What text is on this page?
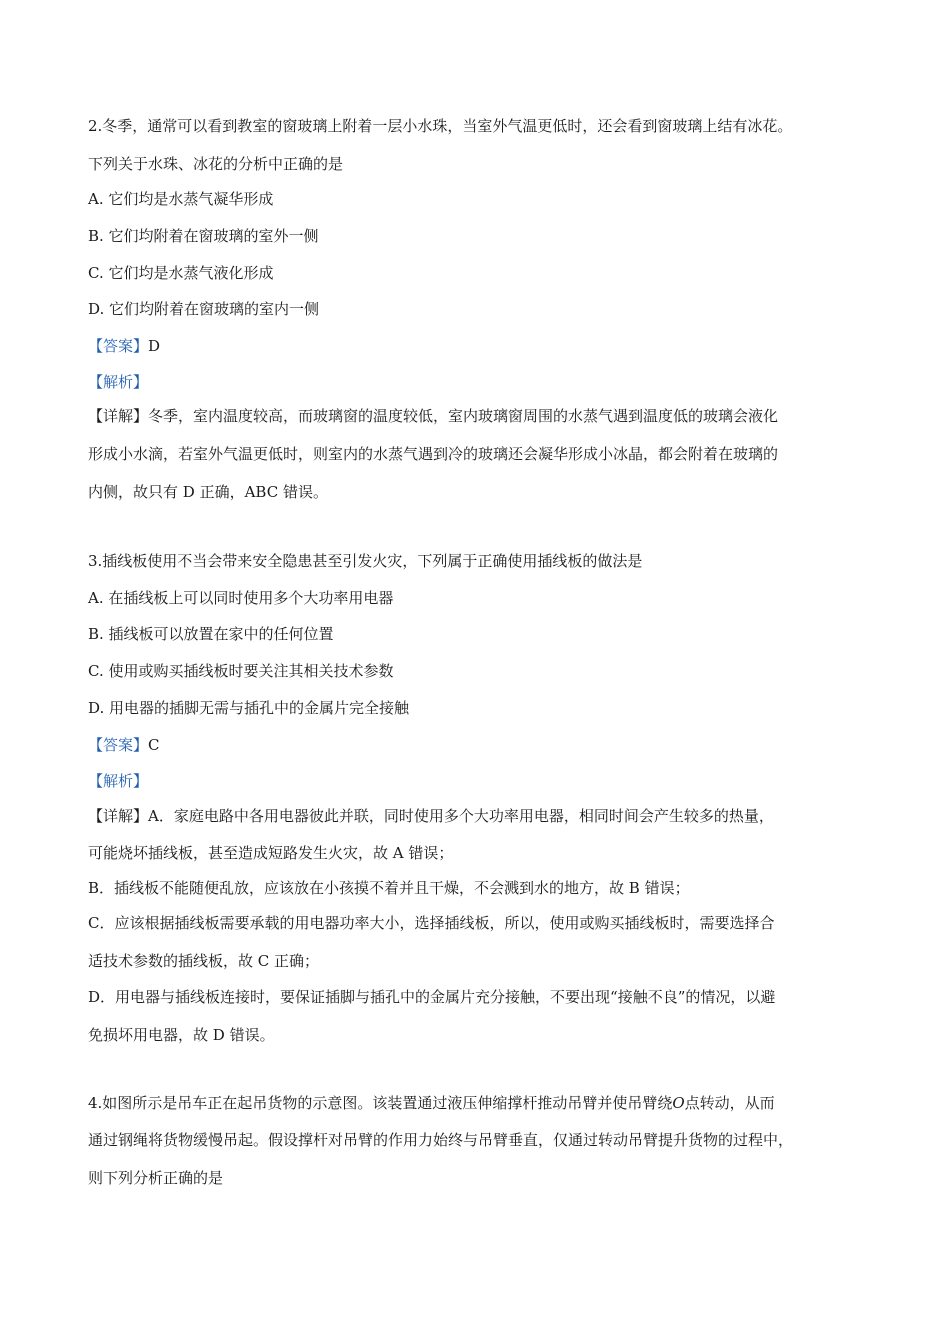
2.冬季，通常可以看到教室的窗玻璃上附着一层小水珠，当室外气温更低时，还会看到窗玻璃上结有冰花。
下列关于水珠、冰花的分析中正确的是
A. 它们均是水蒸气凝华形成
B. 它们均附着在窗玻璃的室外一侧
C. 它们均是水蒸气液化形成
D. 它们均附着在窗玻璃的室内一侧
【答案】D
【解析】
【详解】冬季，室内温度较高，而玻璃窗的温度较低，室内玻璃窗周围的水蒸气遇到温度低的玻璃会液化
形成小水滴，若室外气温更低时，则室内的水蒸气遇到冷的玻璃还会凝华形成小冰晶，都会附着在玻璃的
内侧，故只有 D 正确，ABC 错误。
3.插线板使用不当会带来安全隐患甚至引发火灾，下列属于正确使用插线板的做法是
A. 在插线板上可以同时使用多个大功率用电器
B. 插线板可以放置在家中的任何位置
C. 使用或购买插线板时要关注其相关技术参数
D. 用电器的插脚无需与插孔中的金属片完全接触
【答案】C
【解析】
【详解】A．家庭电路中各用电器彼此并联，同时使用多个大功率用电器，相同时间会产生较多的热量，
可能烧坏插线板，甚至造成短路发生火灾，故 A 错误；
B．插线板不能随便乱放，应该放在小孩摸不着并且干燥，不会溅到水的地方，故 B 错误；
C．应该根据插线板需要承载的用电器功率大小，选择插线板，所以，使用或购买插线板时，需要选择合
适技术参数的插线板，故 C 正确；
D．用电器与插线板连接时，要保证插脚与插孔中的金属片充分接触，不要出现“接触不良”的情况，以避
免损坏用电器，故 D 错误。
4.如图所示是吊车正在起吊货物的示意图。该装置通过液压伸缩撑杆推动吊臂并使吊臂绕O点转动，从而
通过钢绳将货物缓慢吊起。假设撑杆对吊臂的作用力始终与吊臂垂直，仅通过转动吊臂提升货物的过程中，
则下列分析正确的是
